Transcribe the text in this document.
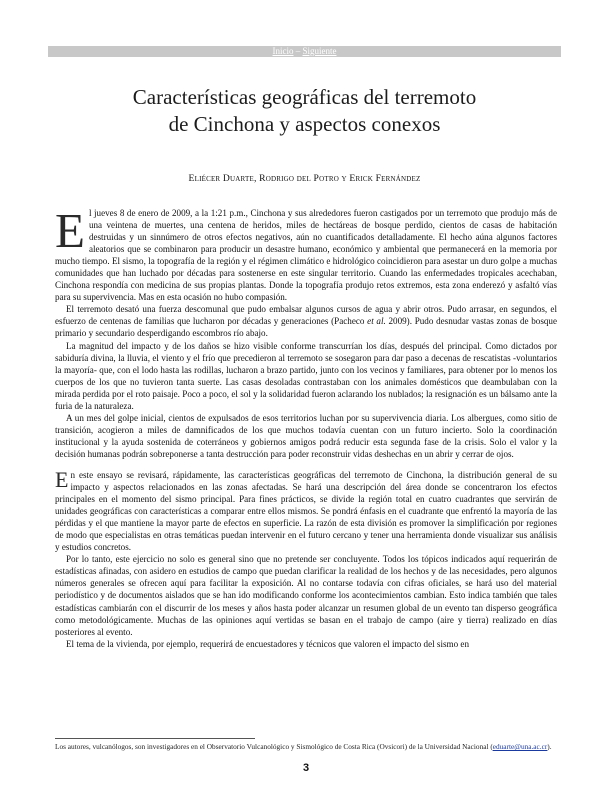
Inicio – Siguiente
Características geográficas del terremoto
de Cinchona y aspectos conexos
Eliécer Duarte, Rodrigo del Potro y Erick Fernández

El jueves 8 de enero de 2009, a la 1:21 p.m., Cinchona y sus alrededores fueron castigados por un terremoto que produjo más de una veintena de muertes, una centena de heridos, miles de hectáreas de bosque perdido, cientos de casas de habitación destruidas y un sinnúmero de otros efectos negativos, aún no cuantificados detalladamente. El hecho aúna algunos factores aleatorios que se combinaron para producir un desastre humano, económico y ambiental que permanecerá en la memoria por mucho tiempo. El sismo, la topografía de la región y el régimen climático e hidrológico coincidieron para asestar un duro golpe a muchas comunidades que han luchado por décadas para sostenerse en este singular territorio. Cuando las enfermedades tropicales acechaban, Cinchona respondía con medicina de sus propias plantas. Donde la topografía produjo retos extremos, esta zona enderezó y asfaltó vías para su supervivencia. Mas en esta ocasión no hubo compasión.

El terremoto desató una fuerza descomunal que pudo embalsar algunos cursos de agua y abrir otros. Pudo arrasar, en segundos, el esfuerzo de centenas de familias que lucharon por décadas y generaciones (Pacheco et al. 2009). Pudo desnudar vastas zonas de bosque primario y secundario desperdigando escombros río abajo.

La magnitud del impacto y de los daños se hizo visible conforme transcurrían los días, después del principal. Como dictados por sabiduría divina, la lluvia, el viento y el frío que precedieron al terremoto se sosegaron para dar paso a decenas de rescatistas -voluntarios la mayoría- que, con el lodo hasta las rodillas, lucharon a brazo partido, junto con los vecinos y familiares, para obtener por lo menos los cuerpos de los que no tuvieron tanta suerte. Las casas desoladas contrastaban con los animales domésticos que deambulaban con la mirada perdida por el roto paisaje. Poco a poco, el sol y la solidaridad fueron aclarando los nublados; la resignación es un bálsamo ante la furia de la naturaleza.

A un mes del golpe inicial, cientos de expulsados de esos territorios luchan por su supervivencia diaria. Los albergues, como sitio de transición, acogieron a miles de damnificados de los que muchos todavía cuentan con un futuro incierto. Solo la coordinación institucional y la ayuda sostenida de coterráneos y gobiernos amigos podrá reducir esta segunda fase de la crisis. Solo el valor y la decisión humanas podrán sobreponerse a tanta destrucción para poder reconstruir vidas deshechas en un abrir y cerrar de ojos.

En este ensayo se revisará, rápidamente, las características geográficas del terremoto de Cinchona, la distribución general de su impacto y aspectos relacionados en las zonas afectadas. Se hará una descripción del área donde se concentraron los efectos principales en el momento del sismo principal. Para fines prácticos, se divide la región total en cuatro cuadrantes que servirán de unidades geográficas con características a comparar entre ellos mismos. Se pondrá énfasis en el cuadrante que enfrentó la mayoría de las pérdidas y el que mantiene la mayor parte de efectos en superficie. La razón de esta división es promover la simplificación por regiones de modo que especialistas en otras temáticas puedan intervenir en el futuro cercano y tener una herramienta donde visualizar sus análisis y estudios concretos.

Por lo tanto, este ejercicio no solo es general sino que no pretende ser concluyente. Todos los tópicos indicados aquí requerirán de estadísticas afinadas, con asidero en estudios de campo que puedan clarificar la realidad de los hechos y de las necesidades, pero algunos números generales se ofrecen aquí para facilitar la exposición. Al no contarse todavía con cifras oficiales, se hará uso del material periodístico y de documentos aislados que se han ido modificando conforme los acontecimientos cambian. Esto indica también que tales estadísticas cambiarán con el discurrir de los meses y años hasta poder alcanzar un resumen global de un evento tan disperso geográfica como metodológicamente. Muchas de las opiniones aquí vertidas se basan en el trabajo de campo (aire y tierra) realizado en días posteriores al evento.

El tema de la vivienda, por ejemplo, requerirá de encuestadores y técnicos que valoren el impacto del sismo en

Los autores, vulcanólogos, son investigadores en el Observatorio Vulcanológico y Sismológico de Costa Rica (Ovsicori) de la Universidad Nacional (eduarte@una.ac.cr).
3
